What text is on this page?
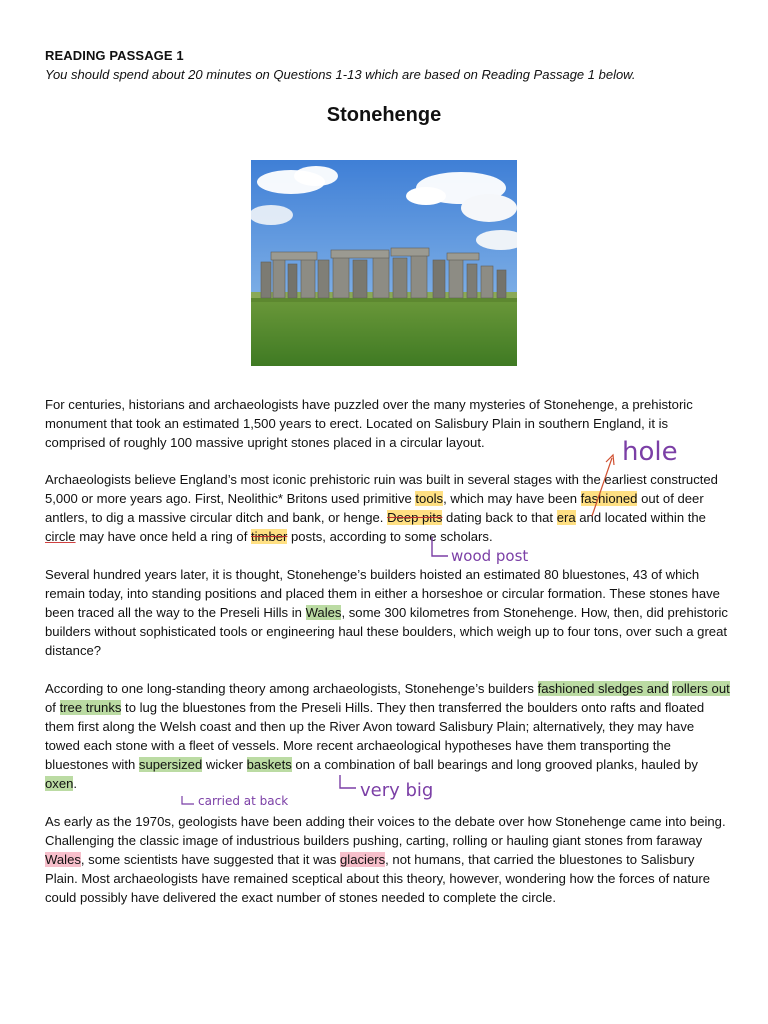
READING PASSAGE 1
You should spend about 20 minutes on Questions 1-13 which are based on Reading Passage 1 below.
Stonehenge

For centuries, historians and archaeologists have puzzled over the many mysteries of Stonehenge, a prehistoric monument that took an estimated 1,500 years to erect. Located on Salisbury Plain in southern England, it is comprised of roughly 100 massive upright stones placed in a circular layout.

Archaeologists believe England’s most iconic prehistoric ruin was built in several stages with the earliest constructed 5,000 or more years ago. First, Neolithic* Britons used primitive tools, which may have been fashioned out of deer antlers, to dig a massive circular ditch and bank, or henge. Deep pits dating back to that era and located within the circle may have once held a ring of timber posts, according to some scholars.

Several hundred years later, it is thought, Stonehenge’s builders hoisted an estimated 80 bluestones, 43 of which remain today, into standing positions and placed them in either a horseshoe or circular formation. These stones have been traced all the way to the Preseli Hills in Wales, some 300 kilometres from Stonehenge. How, then, did prehistoric builders without sophisticated tools or engineering haul these boulders, which weigh up to four tons, over such a great distance?

According to one long-standing theory among archaeologists, Stonehenge’s builders fashioned sledges and rollers out of tree trunks to lug the bluestones from the Preseli Hills. They then transferred the boulders onto rafts and floated them first along the Welsh coast and then up the River Avon toward Salisbury Plain; alternatively, they may have towed each stone with a fleet of vessels. More recent archaeological hypotheses have them transporting the bluestones with supersized wicker baskets on a combination of ball bearings and long grooved planks, hauled by oxen.

As early as the 1970s, geologists have been adding their voices to the debate over how Stonehenge came into being. Challenging the classic image of industrious builders pushing, carting, rolling or hauling giant stones from faraway Wales, some scientists have suggested that it was glaciers, not humans, that carried the bluestones to Salisbury Plain. Most archaeologists have remained sceptical about this theory, however, wondering how the forces of nature could possibly have delivered the exact number of stones needed to complete the circle.

hole
wood post
very big
carried at back
